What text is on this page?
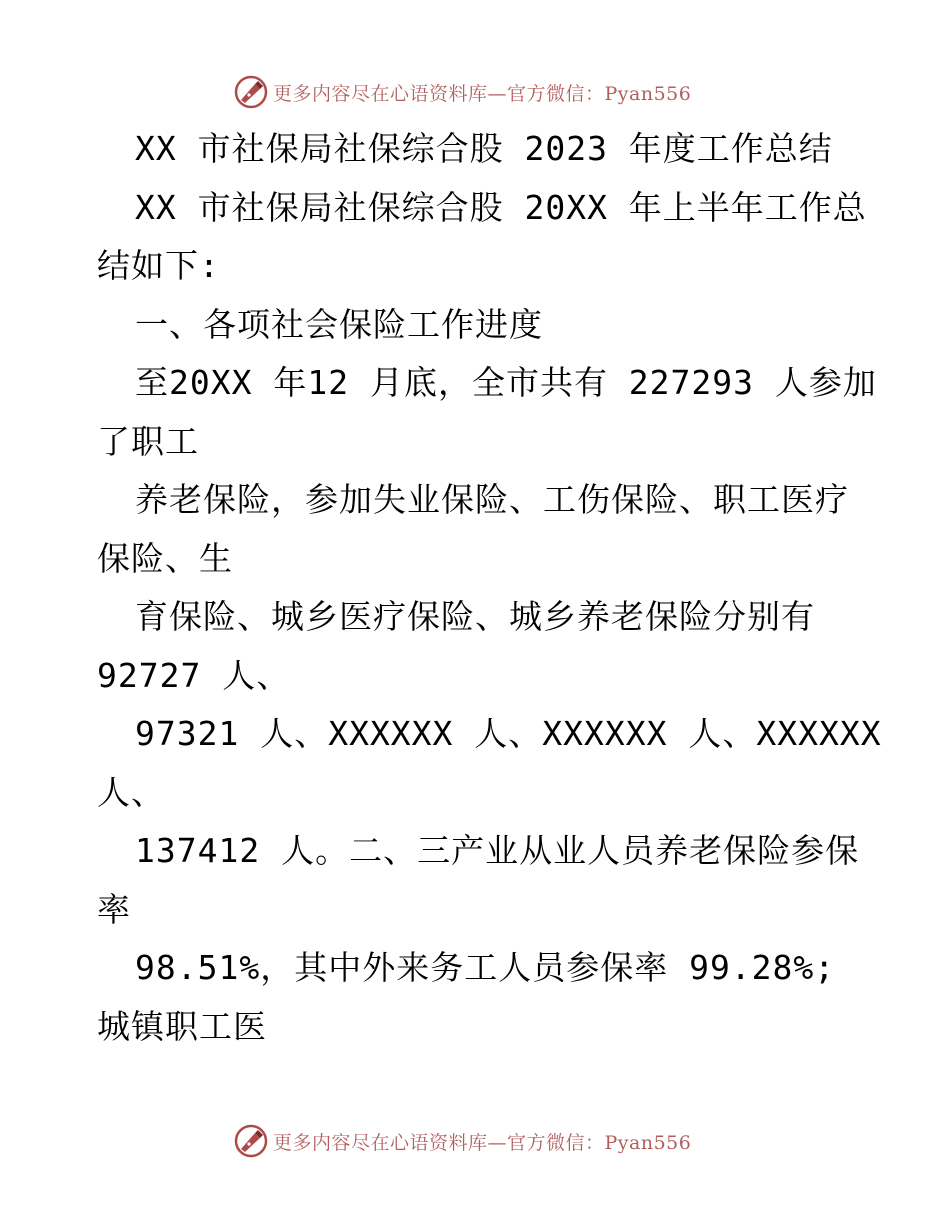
更多内容尽在心语资料库—官方微信：Pyan556
XX 市社保局社保综合股 2023 年度工作总结
XX 市社保局社保综合股 20XX 年上半年工作总
结如下:
一、各项社会保险工作进度
至20XX 年12 月底，全市共有 227293 人参加
了职工
养老保险，参加失业保险、工伤保险、职工医疗
保险、生
育保险、城乡医疗保险、城乡养老保险分别有
92727 人、
97321 人、XXXXXX 人、XXXXXX 人、XXXXXX
人、
137412 人。二、三产业从业人员养老保险参保
率
98.51%，其中外来务工人员参保率 99.28%;
城镇职工医
更多内容尽在心语资料库—官方微信：Pyan556
